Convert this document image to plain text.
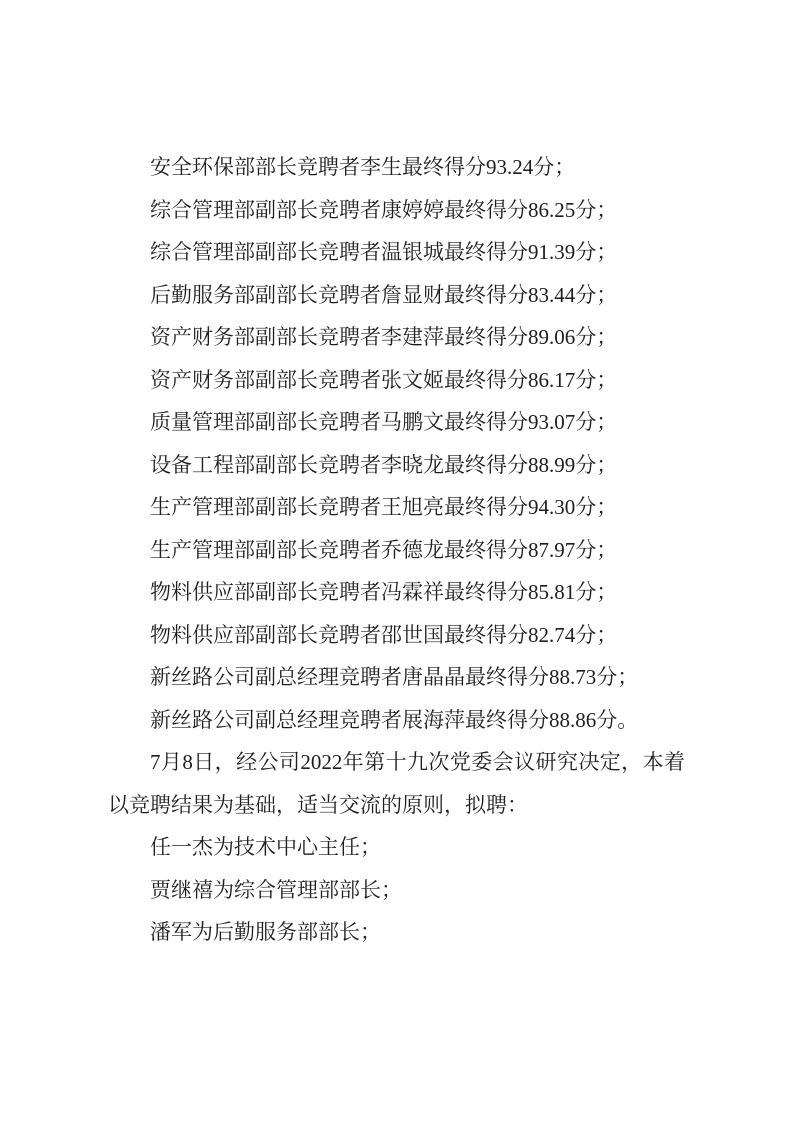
安全环保部部长竞聘者李生最终得分93.24分；

综合管理部副部长竞聘者康婷婷最终得分86.25分；

综合管理部副部长竞聘者温银城最终得分91.39分；

后勤服务部副部长竞聘者詹显财最终得分83.44分；

资产财务部副部长竞聘者李建萍最终得分89.06分；

资产财务部副部长竞聘者张文姬最终得分86.17分；

质量管理部副部长竞聘者马鹏文最终得分93.07分；

设备工程部副部长竞聘者李晓龙最终得分88.99分；

生产管理部副部长竞聘者王旭亮最终得分94.30分；

生产管理部副部长竞聘者乔德龙最终得分87.97分；

物料供应部副部长竞聘者冯霖祥最终得分85.81分；

物料供应部副部长竞聘者邵世国最终得分82.74分；

新丝路公司副总经理竞聘者唐晶晶最终得分88.73分；

新丝路公司副总经理竞聘者展海萍最终得分88.86分。

7月8日，经公司2022年第十九次党委会议研究决定，本着以竞聘结果为基础，适当交流的原则，拟聘：

任一杰为技术中心主任；

贾继禧为综合管理部部长；

潘军为后勤服务部部长；
